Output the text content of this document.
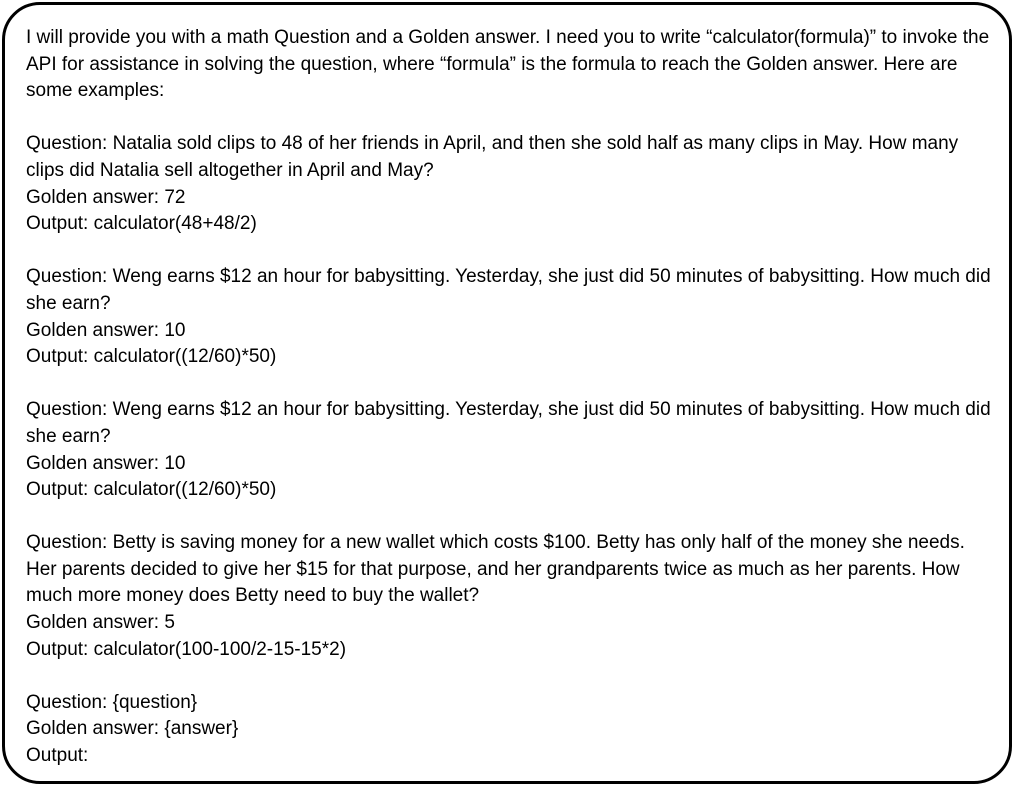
I will provide you with a math Question and a Golden answer. I need you to write “calculator(formula)” to invoke the API for assistance in solving the question, where “formula” is the formula to reach the Golden answer. Here are some examples:

Question: Natalia sold clips to 48 of her friends in April, and then she sold half as many clips in May. How many clips did Natalia sell altogether in April and May?

Golden answer: 72

Output: calculator(48+48/2)

Question: Weng earns $12 an hour for babysitting. Yesterday, she just did 50 minutes of babysitting. How much did she earn?

Golden answer: 10

Output: calculator((12/60)*50)

Question: Weng earns $12 an hour for babysitting. Yesterday, she just did 50 minutes of babysitting. How much did she earn?

Golden answer: 10

Output: calculator((12/60)*50)

Question: Betty is saving money for a new wallet which costs $100. Betty has only half of the money she needs. Her parents decided to give her $15 for that purpose, and her grandparents twice as much as her parents. How much more money does Betty need to buy the wallet?

Golden answer: 5

Output: calculator(100-100/2-15-15*2)

Question: {question}

Golden answer: {answer}

Output:
